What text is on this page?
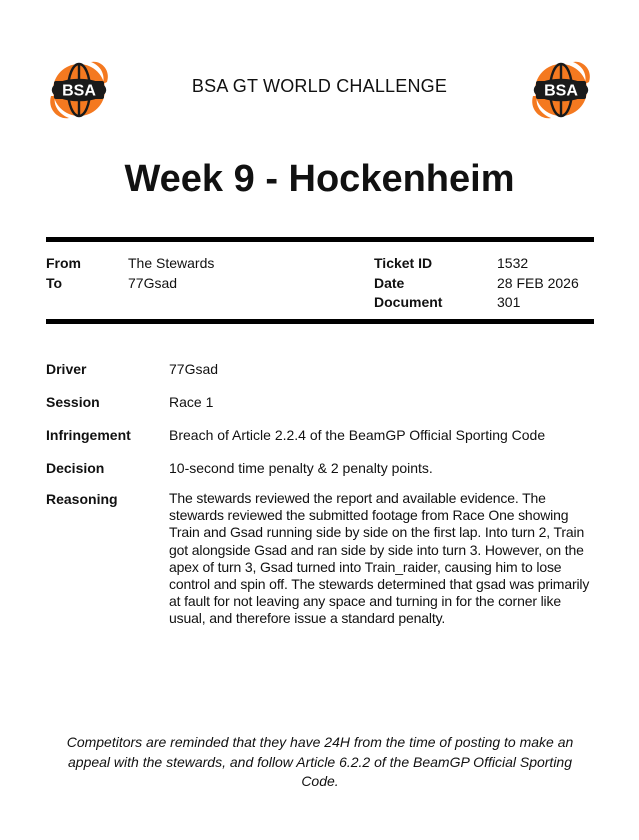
BSA	BSA
BSA GT WORLD CHALLENGE
Week 9 - Hockenheim
From	The Stewards
To	77Gsad
Ticket ID	1532
Date	28 FEB 2026
Document	301
Driver	77Gsad
Session	Race 1
Infringement	Breach of Article 2.2.4 of the BeamGP Official Sporting Code
Decision	10-second time penalty & 2 penalty points.
Reasoning	The stewards reviewed the report and available evidence. The stewards reviewed the submitted footage from Race One showing Train and Gsad running side by side on the first lap. Into turn 2, Train got alongside Gsad and ran side by side into turn 3. However, on the apex of turn 3, Gsad turned into Train_raider, causing him to lose control and spin off. The stewards determined that gsad was primarily at fault for not leaving any space and turning in for the corner like usual, and therefore issue a standard penalty.
Competitors are reminded that they have 24H from the time of posting to make an appeal with the stewards, and follow Article 6.2.2 of the BeamGP Official Sporting Code.
